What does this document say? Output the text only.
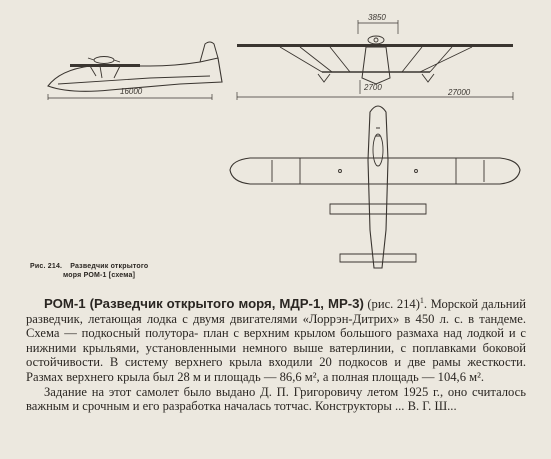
16000
3850
2700
27000
Рис. 214. Разведчик открытого
моря РОМ-1 [схема]

РОМ-1 (Разведчик открытого моря, МДР-1, МР-3) (рис. 214)$^1$. Морской дальний разведчик, летающая лодка с двумя двигателями «Лоррэн-Дитрих» в 450 л. с. в тандеме. Схема — подкосный полутора- план с верхним крылом большого размаха над лодкой и с нижними крыльями, установленными немного выше ватерлинии, с поплавками боковой остойчивости. В систему верхнего крыла входили 20 подкосов и две рамы жесткости. Размах верхнего крыла был 28 м и площадь — 86,6 м², а полная площадь — 104,6 м².

Задание на этот самолет было выдано Д. П. Григоровичу летом 1925 г., оно считалось важным и срочным и его разработка началась тотчас. Конструкторы ... В. Г. Ш...
